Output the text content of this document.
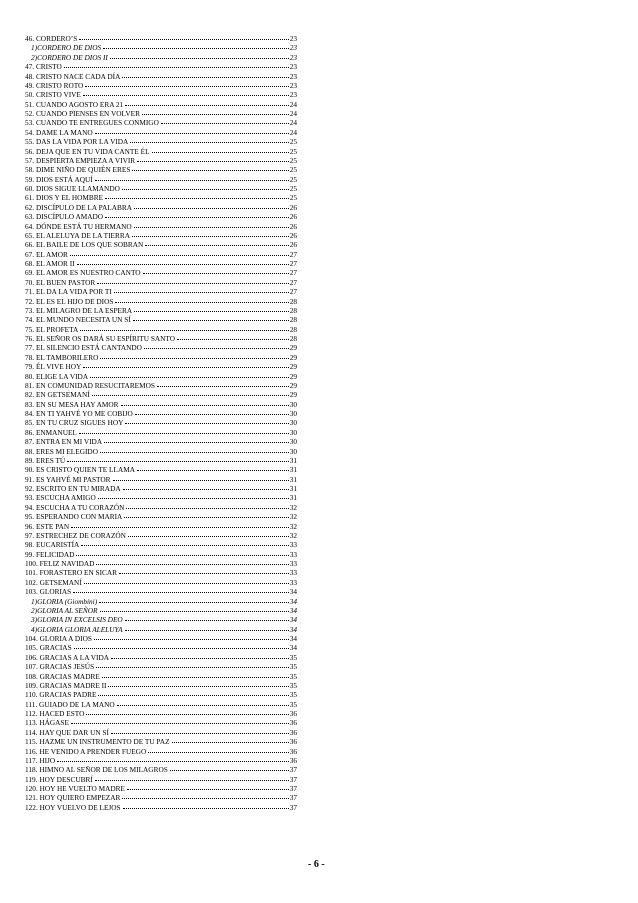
46. CORDERO’S	23
1)CORDERO DE DIOS	23
2)CORDERO DE DIOS II	23
47. CRISTO	23
48. CRISTO NACE CADA DÍA	23
49. CRISTO ROTO	23
50. CRISTO VIVE	23
51. CUANDO AGOSTO ERA 21	24
52. CUANDO PIENSES EN VOLVER	24
53. CUANDO TE ENTREGUES CONMIGO	24
54. DAME LA MANO	24
55. DAS LA VIDA POR LA VIDA	25
56. DEJA QUE EN TU VIDA CANTE ÉL	25
57. DESPIERTA EMPIEZA A VIVIR	25
58. DIME NIÑO DE QUIÉN ERES	25
59. DIOS ESTÁ AQUÍ	25
60. DIOS SIGUE LLAMANDO	25
61. DIOS Y EL HOMBRE	25
62. DISCÍPULO DE LA PALABRA	26
63. DISCÍPULO AMADO	26
64. DÓNDE ESTÁ TU HERMANO	26
65. EL ALELUYA DE LA TIERRA	26
66. EL BAILE DE LOS QUE SOBRAN	26
67. EL AMOR	27
68. EL AMOR II	27
69. EL AMOR ES NUESTRO CANTO	27
70. EL BUEN PASTOR	27
71. EL DA LA VIDA POR TI	27
72. EL ES EL HIJO DE DIOS	28
73. EL MILAGRO DE LA ESPERA	28
74. EL MUNDO NECESITA UN SÍ	28
75. EL PROFETA	28
76. EL SEÑOR OS DARÁ SU ESPÍRITU SANTO	28
77. EL SILENCIO ESTÁ CANTANDO	29
78. EL TAMBORILERO	29
79. ÉL VIVE HOY	29
80. ELIGE LA VIDA	29
81. EN COMUNIDAD RESUCITAREMOS	29
82. EN GETSEMANÍ	29
83. EN SU MESA HAY AMOR	30
84. EN TI YAHVÉ YO ME COBIJO	30
85. EN TU CRUZ SIGUES HOY	30
86. ENMANUEL	30
87. ENTRA EN MI VIDA	30
88. ERES MI ELEGIDO	30
89. ERES TÚ	31
90. ES CRISTO QUIEN TE LLAMA	31
91. ES YAHVÉ MI PASTOR	31
92. ESCRITO EN TU MIRADA	31
93. ESCUCHA AMIGO	31
94. ESCUCHA A TU CORAZÓN	32
95. ESPERANDO CON MARIA	32
96. ESTE PAN	32
97. ESTRECHEZ DE CORAZÓN	32
98. EUCARISTÍA	33
99. FELICIDAD	33
100. FELIZ NAVIDAD	33
101. FORASTERO EN SICAR	33
102. GETSEMANÍ	33
103. GLORIAS	34
1)GLORIA (Giombini)	34
2)GLORIA AL SEÑOR	34
3)GLORIA IN EXCELSIS DEO	34
4)GLORIA GLORIA ALELUYA	34
104. GLORIA A DIOS	34
105. GRACIAS	34
106. GRACIAS A LA VIDA	35
107. GRACIAS JESÚS	35
108. GRACIAS MADRE	35
109. GRACIAS MADRE II	35
110. GRACIAS PADRE	35
111. GUIADO DE LA MANO	35
112. HACED ESTO	36
113. HÁGASE	36
114. HAY QUE DAR UN SÍ	36
115. HAZME UN INSTRUMENTO DE TU PAZ	36
116. HE VENIDO A PRENDER FUEGO	36
117. HIJO	36
118. HIMNO AL SEÑOR DE LOS MILAGROS	37
119. HOY DESCUBRÍ	37
120. HOY HE VUELTO MADRE	37
121. HOY QUIERO EMPEZAR	37
122. HOY VUELVO DE LEJOS	37
- 6 -
